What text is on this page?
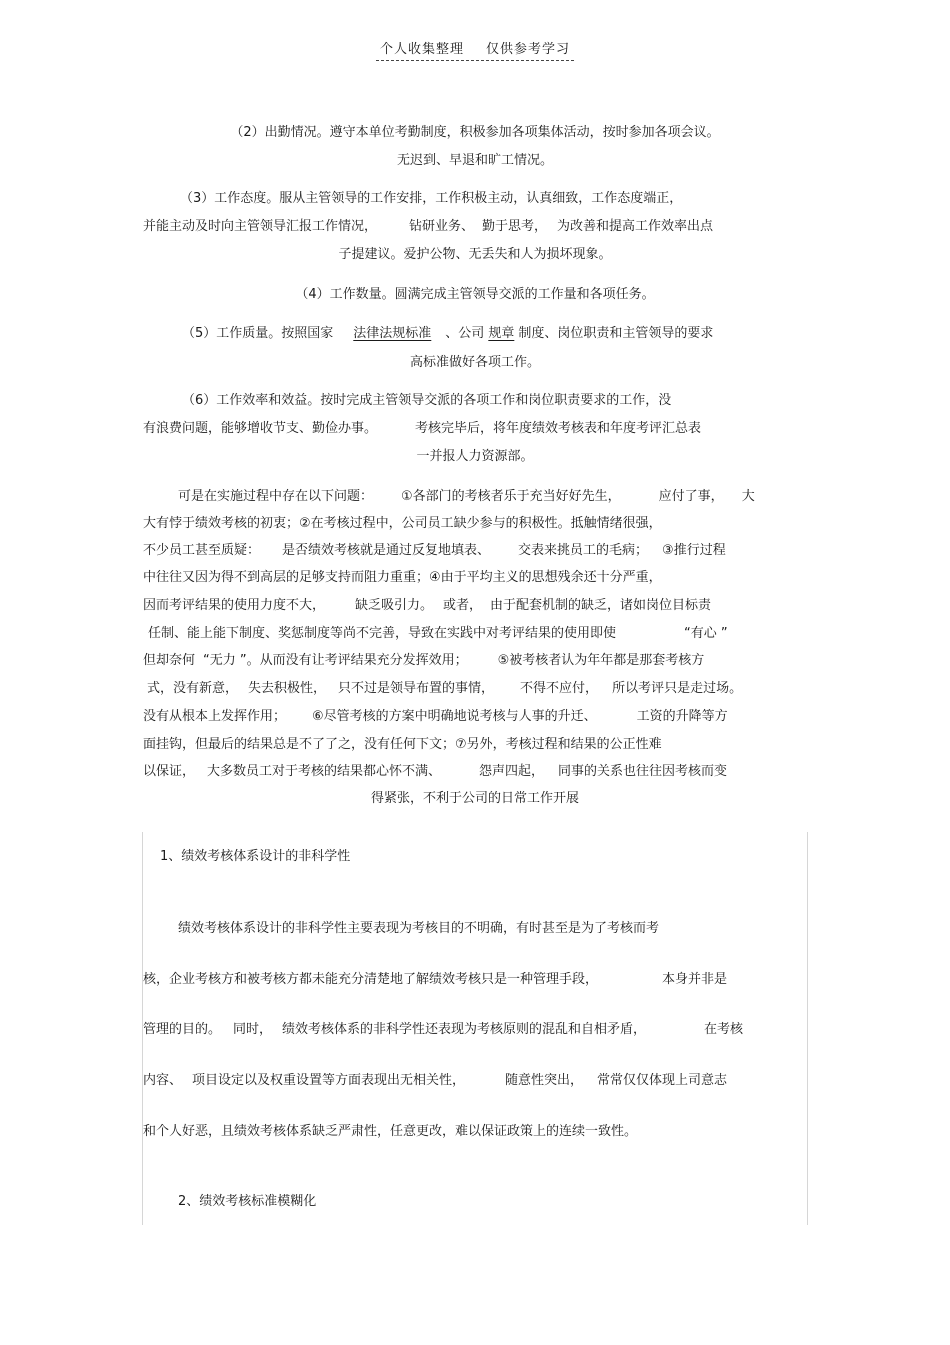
个人收集整理 仅供参考学习
（2）出勤情况。遵守本单位考勤制度，积极参加各项集体活动，按时参加各项会议。
无迟到、早退和旷工情况。
（3）工作态度。服从主管领导的工作安排，工作积极主动，认真细致，工作态度端正，
并能主动及时向主管领导汇报工作情况， 钻研业务、 勤于思考， 为改善和提高工作效率出点
子提建议。爱护公物、无丢失和人为损坏现象。
（4）工作数量。圆满完成主管领导交派的工作量和各项任务。
（5）工作质量。按照国家 法律法规标准 、公司 规章 制度、岗位职责和主管领导的要求
高标准做好各项工作。
（6）工作效率和效益。按时完成主管领导交派的各项工作和岗位职责要求的工作，没
有浪费问题，能够增收节支、勤俭办事。	考核完毕后，将年度绩效考核表和年度考评汇总表
一并报人力资源部。
可是在实施过程中存在以下问题： ①各部门的考核者乐于充当好好先生，	应付了事， 大
大有悖于绩效考核的初衷；②在考核过程中，公司员工缺少参与的积极性。抵触情绪很强，
不少员工甚至质疑： 是否绩效考核就是通过反复地填表、 交表来挑员工的毛病； ③推行过程
中往往又因为得不到高层的足够支持而阻力重重；④由于平均主义的思想残余还十分严重，
因而考评结果的使用力度不大， 缺乏吸引力。 或者， 由于配套机制的缺乏，诸如岗位目标责
任制、能上能下制度、奖惩制度等尚不完善，导致在实践中对考评结果的使用即使	“有心 ”
但却奈何 “无力 ”。从而没有让考评结果充分发挥效用； ⑤被考核者认为年年都是那套考核方
式，没有新意， 失去积极性， 只不过是领导布置的事情， 不得不应付， 所以考评只是走过场。
没有从根本上发挥作用； ⑥尽管考核的方案中明确地说考核与人事的升迁、	工资的升降等方
面挂钩，但最后的结果总是不了了之，没有任何下文；⑦另外，考核过程和结果的公正性难
以保证， 大多数员工对于考核的结果都心怀不满、	怨声四起， 同事的关系也往往因考核而变
得紧张，不利于公司的日常工作开展
1、绩效考核体系设计的非科学性
绩效考核体系设计的非科学性主要表现为考核目的不明确，有时甚至是为了考核而考
核，企业考核方和被考核方都未能充分清楚地了解绩效考核只是一种管理手段，	本身并非是
管理的目的。 同时， 绩效考核体系的非科学性还表现为考核原则的混乱和自相矛盾，	在考核
内容、 项目设定以及权重设置等方面表现出无相关性，	随意性突出， 常常仅仅体现上司意志
和个人好恶，且绩效考核体系缺乏严肃性，任意更改，难以保证政策上的连续一致性。
2、绩效考核标准模糊化
